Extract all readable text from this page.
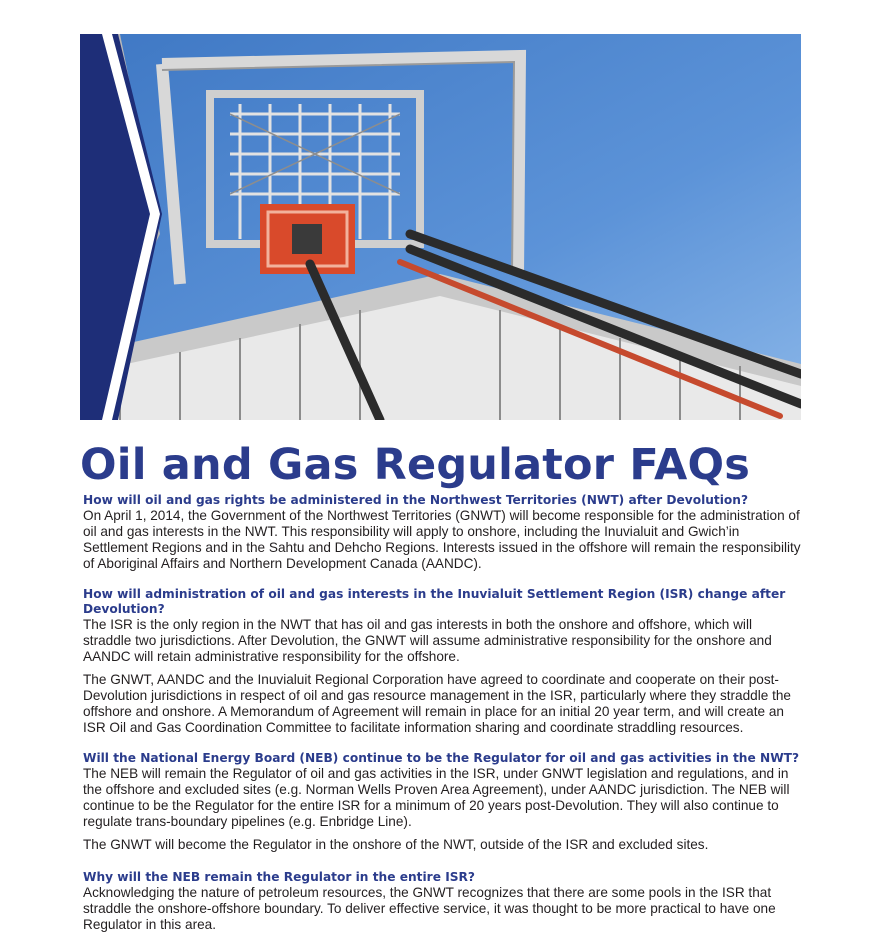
Oil and Gas Regulator FAQs

How will oil and gas rights be administered in the Northwest Territories (NWT) after Devolution?

On April 1, 2014, the Government of the Northwest Territories (GNWT) will become responsible for the administration of oil and gas interests in the NWT. This responsibility will apply to onshore, including the Inuvialuit and Gwich’in Settlement Regions and in the Sahtu and Dehcho Regions. Interests issued in the offshore will remain the responsibility of Aboriginal Affairs and Northern Development Canada (AANDC).

How will administration of oil and gas interests in the Inuvialuit Settlement Region (ISR) change after Devolution?

The ISR is the only region in the NWT that has oil and gas interests in both the onshore and offshore, which will straddle two jurisdictions. After Devolution, the GNWT will assume administrative responsibility for the onshore and AANDC will retain administrative responsibility for the offshore.

The GNWT, AANDC and the Inuvialuit Regional Corporation have agreed to coordinate and cooperate on their post-Devolution jurisdictions in respect of oil and gas resource management in the ISR, particularly where they straddle the offshore and onshore. A Memorandum of Agreement will remain in place for an initial 20 year term, and will create an ISR Oil and Gas Coordination Committee to facilitate information sharing and coordinate straddling resources.

Will the National Energy Board (NEB) continue to be the Regulator for oil and gas activities in the NWT?

The NEB will remain the Regulator of oil and gas activities in the ISR, under GNWT legislation and regulations, and in the offshore and excluded sites (e.g. Norman Wells Proven Area Agreement), under AANDC jurisdiction. The NEB will continue to be the Regulator for the entire ISR for a minimum of 20 years post-Devolution. They will also continue to regulate trans-boundary pipelines (e.g. Enbridge Line).

The GNWT will become the Regulator in the onshore of the NWT, outside of the ISR and excluded sites.

Why will the NEB remain the Regulator in the entire ISR?

Acknowledging the nature of petroleum resources, the GNWT recognizes that there are some pools in the ISR that straddle the onshore-offshore boundary. To deliver effective service, it was thought to be more practical to have one Regulator in this area.
